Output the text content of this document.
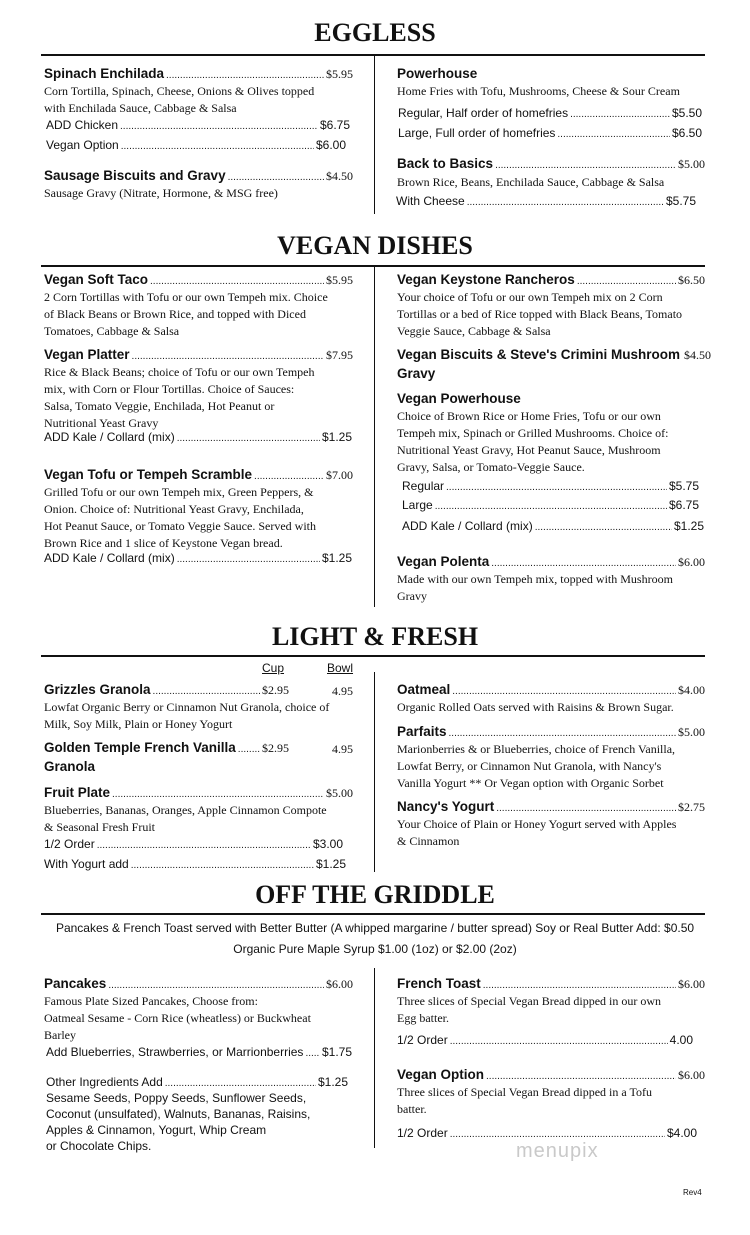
EGGLESS
Spinach Enchilada .....	$5.95
Corn Tortilla, Spinach, Cheese, Onions & Olives topped
with Enchilada Sauce, Cabbage & Salsa
ADD Chicken .....	$6.75
Vegan Option .....	$6.00
Sausage Biscuits and Gravy .....	$4.50
Sausage Gravy (Nitrate, Hormone, & MSG free)
Powerhouse
Home Fries with Tofu, Mushrooms, Cheese & Sour Cream
Regular, Half order of homefries .....	$5.50
Large, Full order of homefries .....	$6.50
Back to Basics .....	$5.00
Brown Rice, Beans, Enchilada Sauce, Cabbage & Salsa
With Cheese .....	$5.75
VEGAN DISHES
Vegan Soft Taco .....	$5.95
2 Corn Tortillas with Tofu or our own Tempeh mix. Choice
of Black Beans or Brown Rice, and topped with Diced
Tomatoes, Cabbage & Salsa
Vegan Platter .....	$7.95
Rice & Black Beans; choice of Tofu or our own Tempeh
mix, with Corn or Flour Tortillas. Choice of Sauces:
Salsa, Tomato Veggie, Enchilada, Hot Peanut or
Nutritional Yeast Gravy
ADD Kale / Collard (mix) .....	$1.25
Vegan Tofu or Tempeh Scramble .....	$7.00
Grilled Tofu or our own Tempeh mix, Green Peppers, &
Onion. Choice of: Nutritional Yeast Gravy, Enchilada,
Hot Peanut Sauce, or Tomato Veggie Sauce. Served with
Brown Rice and 1 slice of Keystone Vegan bread.
ADD Kale / Collard (mix) .....	$1.25
Vegan Keystone Rancheros .....	$6.50
Your choice of Tofu or our own Tempeh mix on 2 Corn
Tortillas or a bed of Rice topped with Black Beans, Tomato
Veggie Sauce, Cabbage & Salsa
Vegan Biscuits & Steve's Crimini Mushroom $4.50
Gravy
Vegan Powerhouse
Choice of Brown Rice or Home Fries, Tofu or our own
Tempeh mix, Spinach or Grilled Mushrooms. Choice of:
Nutritional Yeast Gravy, Hot Peanut Sauce, Mushroom
Gravy, Salsa, or Tomato-Veggie Sauce.
Regular .....	$5.75
Large .....	$6.75
ADD Kale / Collard (mix) .....	$1.25
Vegan Polenta .....	$6.00
Made with our own Tempeh mix, topped with Mushroom
Gravy
LIGHT & FRESH
Cup	Bowl
Grizzles Granola .....	$2.95	4.95
Lowfat Organic Berry or Cinnamon Nut Granola, choice of
Milk, Soy Milk, Plain or Honey Yogurt
Golden Temple French Vanilla ..... $2.95	4.95
Granola
Fruit Plate .....	$5.00
Blueberries, Bananas, Oranges, Apple Cinnamon Compote
& Seasonal Fresh Fruit
1/2 Order .....	$3.00
With Yogurt add .....	$1.25
Oatmeal .....	$4.00
Organic Rolled Oats served with Raisins & Brown Sugar.
Parfaits .....	$5.00
Marionberries & or Blueberries, choice of French Vanilla,
Lowfat Berry, or Cinnamon Nut Granola, with Nancy's
Vanilla Yogurt ** Or Vegan option with Organic Sorbet
Nancy's Yogurt .....	$2.75
Your Choice of Plain or Honey Yogurt served with Apples
& Cinnamon
OFF THE GRIDDLE
Pancakes & French Toast served with Better Butter (A whipped margarine / butter spread) Soy or Real Butter Add: $0.50
Organic Pure Maple Syrup $1.00 (1oz) or $2.00 (2oz)
Pancakes .....	$6.00
Famous Plate Sized Pancakes, Choose from:
Oatmeal Sesame - Corn Rice (wheatless) or Buckwheat
Barley
Add Blueberries, Strawberries, or Marrionberries ..... $1.75
Other Ingredients Add .....	$1.25
Sesame Seeds, Poppy Seeds, Sunflower Seeds,
Coconut (unsulfated), Walnuts, Bananas, Raisins,
Apples & Cinnamon, Yogurt, Whip Cream
or Chocolate Chips.
French Toast .....	$6.00
Three slices of Special Vegan Bread dipped in our own
Egg batter.
1/2 Order .....	4.00
Vegan Option .....	$6.00
Three slices of Special Vegan Bread dipped in a Tofu
batter.
1/2 Order .....	$4.00
menupix
Rev4
